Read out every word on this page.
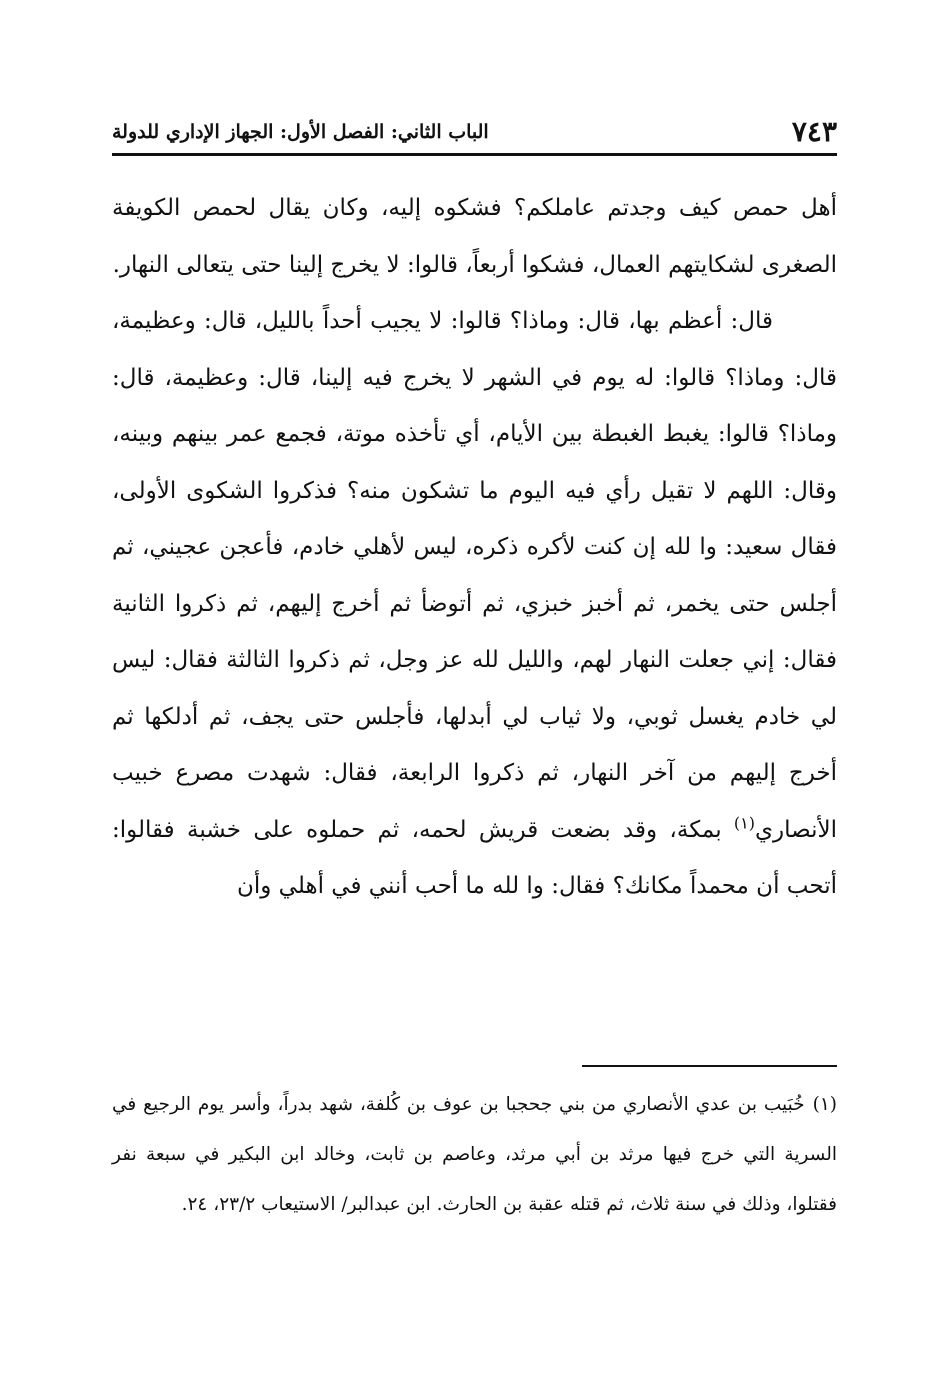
٧٤٣
الباب الثاني: الفصل الأول: الجهاز الإداري للدولة

أهل حمص كيف وجدتم عاملكم؟ فشكوه إليه، وكان يقال لحمص الكويفة الصغرى لشكايتهم العمال، فشكوا أربعاً، قالوا: لا يخرج إلينا حتى يتعالى النهار.

قال: أعظم بها، قال: وماذا؟ قالوا: لا يجيب أحداً بالليل، قال: وعظيمة، قال: وماذا؟ قالوا: له يوم في الشهر لا يخرج فيه إلينا، قال: وعظيمة، قال: وماذا؟ قالوا: يغبط الغبطة بين الأيام، أي تأخذه موتة، فجمع عمر بينهم وبينه، وقال: اللهم لا تقيل رأي فيه اليوم ما تشكون منه؟ فذكروا الشكوى الأولى، فقال سعيد: وا لله إن كنت لأكره ذكره، ليس لأهلي خادم، فأعجن عجيني، ثم أجلس حتى يخمر، ثم أخبز خبزي، ثم أتوضأ ثم أخرج إليهم، ثم ذكروا الثانية فقال: إني جعلت النهار لهم، والليل لله عز وجل، ثم ذكروا الثالثة فقال: ليس لي خادم يغسل ثوبي، ولا ثياب لي أبدلها، فأجلس حتى يجف، ثم أدلكها ثم أخرج إليهم من آخر النهار، ثم ذكروا الرابعة، فقال: شهدت مصرع خبيب الأنصاري$^{(١)}$ بمكة، وقد بضعت قريش لحمه، ثم حملوه على خشبة فقالوا: أتحب أن محمداً مكانك؟ فقال: وا لله ما أحب أنني في أهلي وأن

(١)خُبَيب بن عدي الأنصاري من بني جحجبا بن عوف بن كُلفة، شهد بدراً، وأسر يوم الرجيع في السرية التي خرج فيها مرثد بن أبي مرثد، وعاصم بن ثابت، وخالد ابن البكير في سبعة نفر فقتلوا، وذلك في سنة ثلاث، ثم قتله عقبة بن الحارث. ابن عبدالبر/ الاستيعاب ٢٣/٢، ٢٤.
